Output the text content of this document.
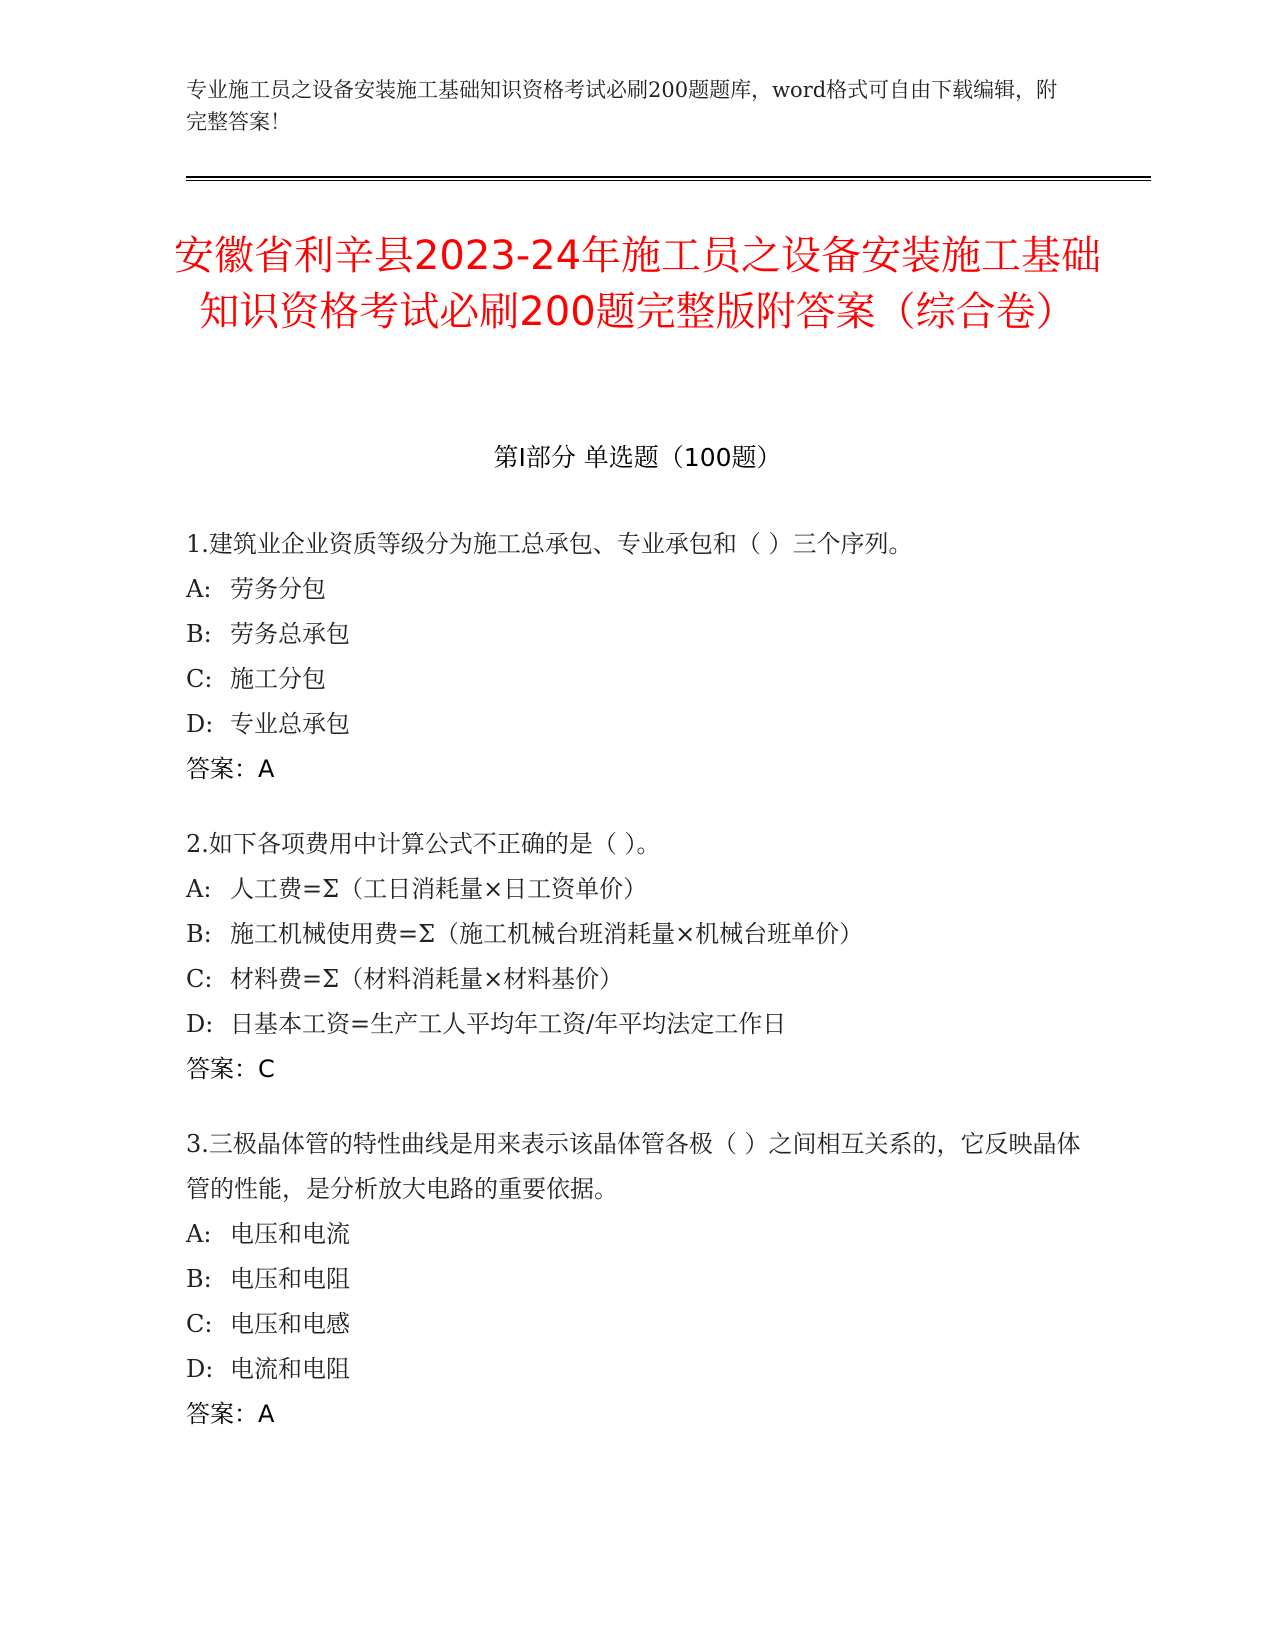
专业施工员之设备安装施工基础知识资格考试必刷200题题库，word格式可自由下载编辑，附完整答案！
安徽省利辛县2023-24年施工员之设备安装施工基础知识资格考试必刷200题完整版附答案（综合卷）
第Ⅰ部分 单选题（100题）

1.建筑业企业资质等级分为施工总承包、专业承包和（ ）三个序列。

A: 劳务分包

B: 劳务总承包

C: 施工分包

D: 专业总承包

答案：A

2.如下各项费用中计算公式不正确的是（ ）。

A: 人工费=Σ（工日消耗量×日工资单价）

B: 施工机械使用费=Σ（施工机械台班消耗量×机械台班单价）

C: 材料费=Σ（材料消耗量×材料基价）

D: 日基本工资=生产工人平均年工资/年平均法定工作日

答案：C

3.三极晶体管的特性曲线是用来表示该晶体管各极（ ）之间相互关系的，它反映晶体管的性能，是分析放大电路的重要依据。

A: 电压和电流

B: 电压和电阻

C: 电压和电感

D: 电流和电阻

答案：A
